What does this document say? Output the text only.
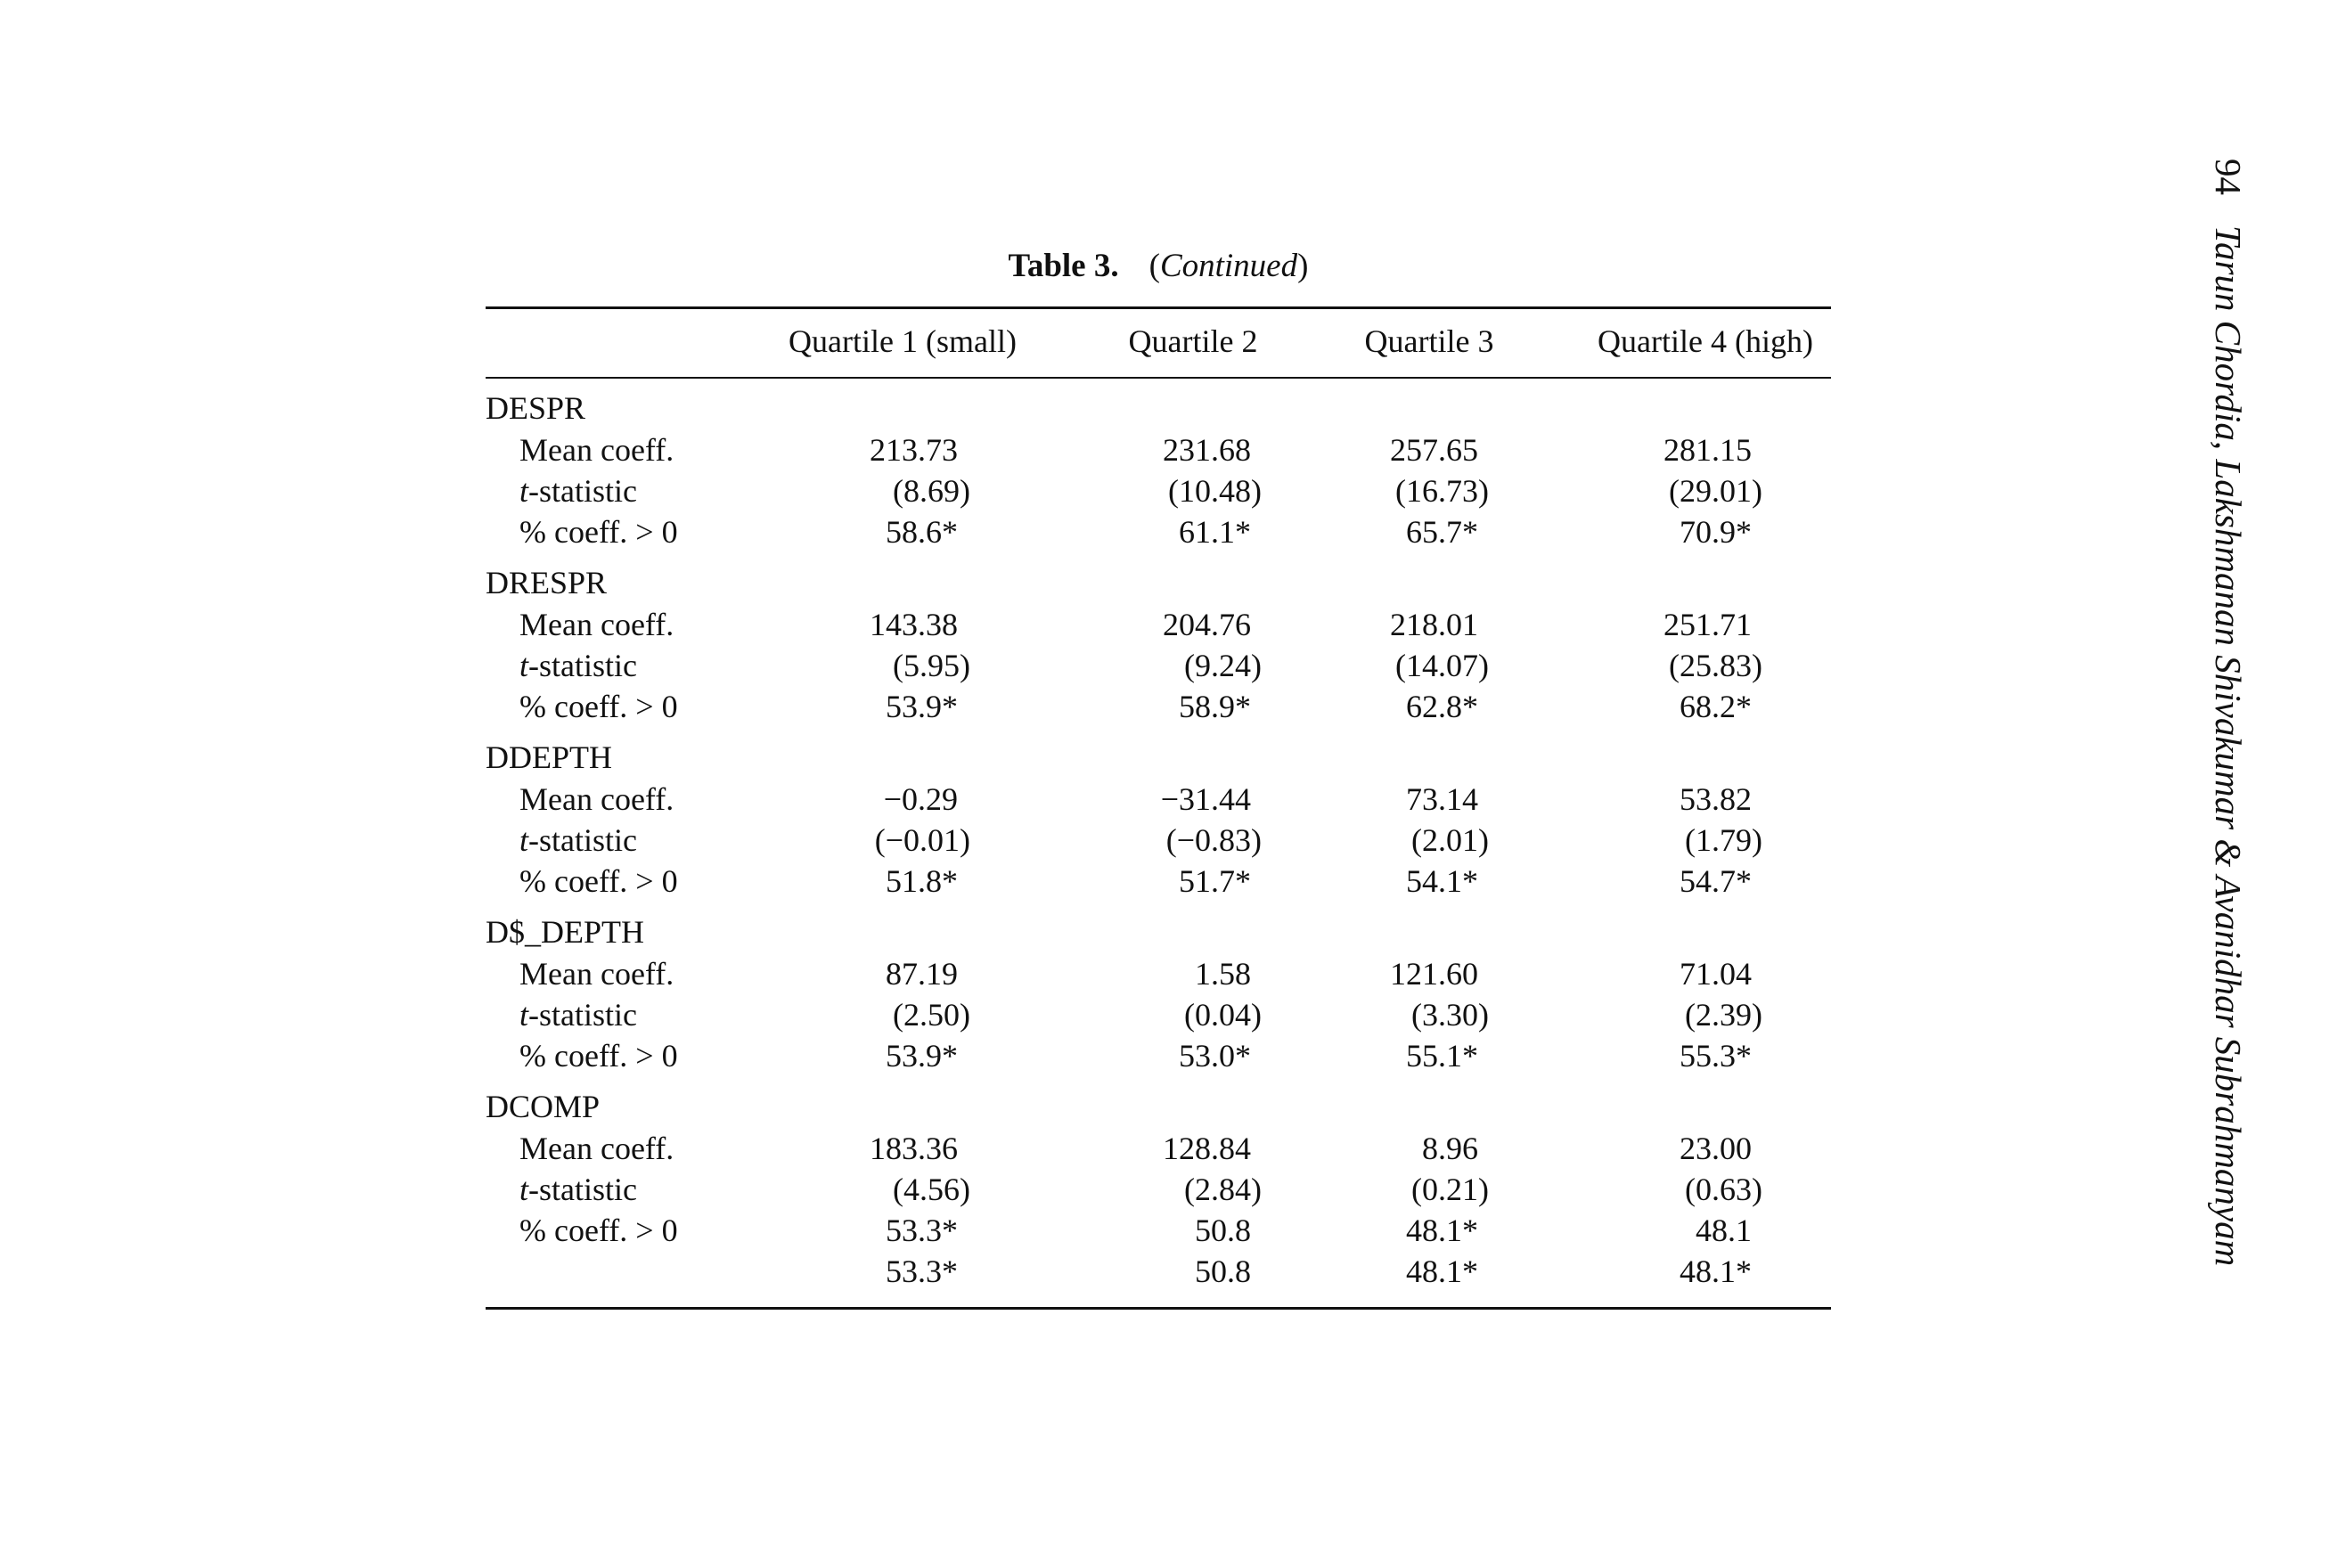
94Tarun Chordia, Lakshmanan Shivakumar & Avanidhar Subrahmanyam
Table 3. (Continued)
Quartile 1 (small)	Quartile 2	Quartile 3	Quartile 4 (high)
DESPR
Mean coeff.	213.73	231.68	257.65	281.15
t-statistic	(8.69)	(10.48)	(16.73)	(29.01)
% coeff. > 0	58.6*	61.1*	65.7*	70.9*
DRESPR
Mean coeff.	143.38	204.76	218.01	251.71
t-statistic	(5.95)	(9.24)	(14.07)	(25.83)
% coeff. > 0	53.9*	58.9*	62.8*	68.2*
DDEPTH
Mean coeff.	−0.29	−31.44	73.14	53.82
t-statistic	(−0.01)	(−0.83)	(2.01)	(1.79)
% coeff. > 0	51.8*	51.7*	54.1*	54.7*
D$_DEPTH
Mean coeff.	87.19	1.58	121.60	71.04
t-statistic	(2.50)	(0.04)	(3.30)	(2.39)
% coeff. > 0	53.9*	53.0*	55.1*	55.3*
DCOMP
Mean coeff.	183.36	128.84	8.96	23.00
t-statistic	(4.56)	(2.84)	(0.21)	(0.63)
% coeff. > 0	53.3*	50.8	48.1*	48.1
53.3*	50.8	48.1*	48.1*
